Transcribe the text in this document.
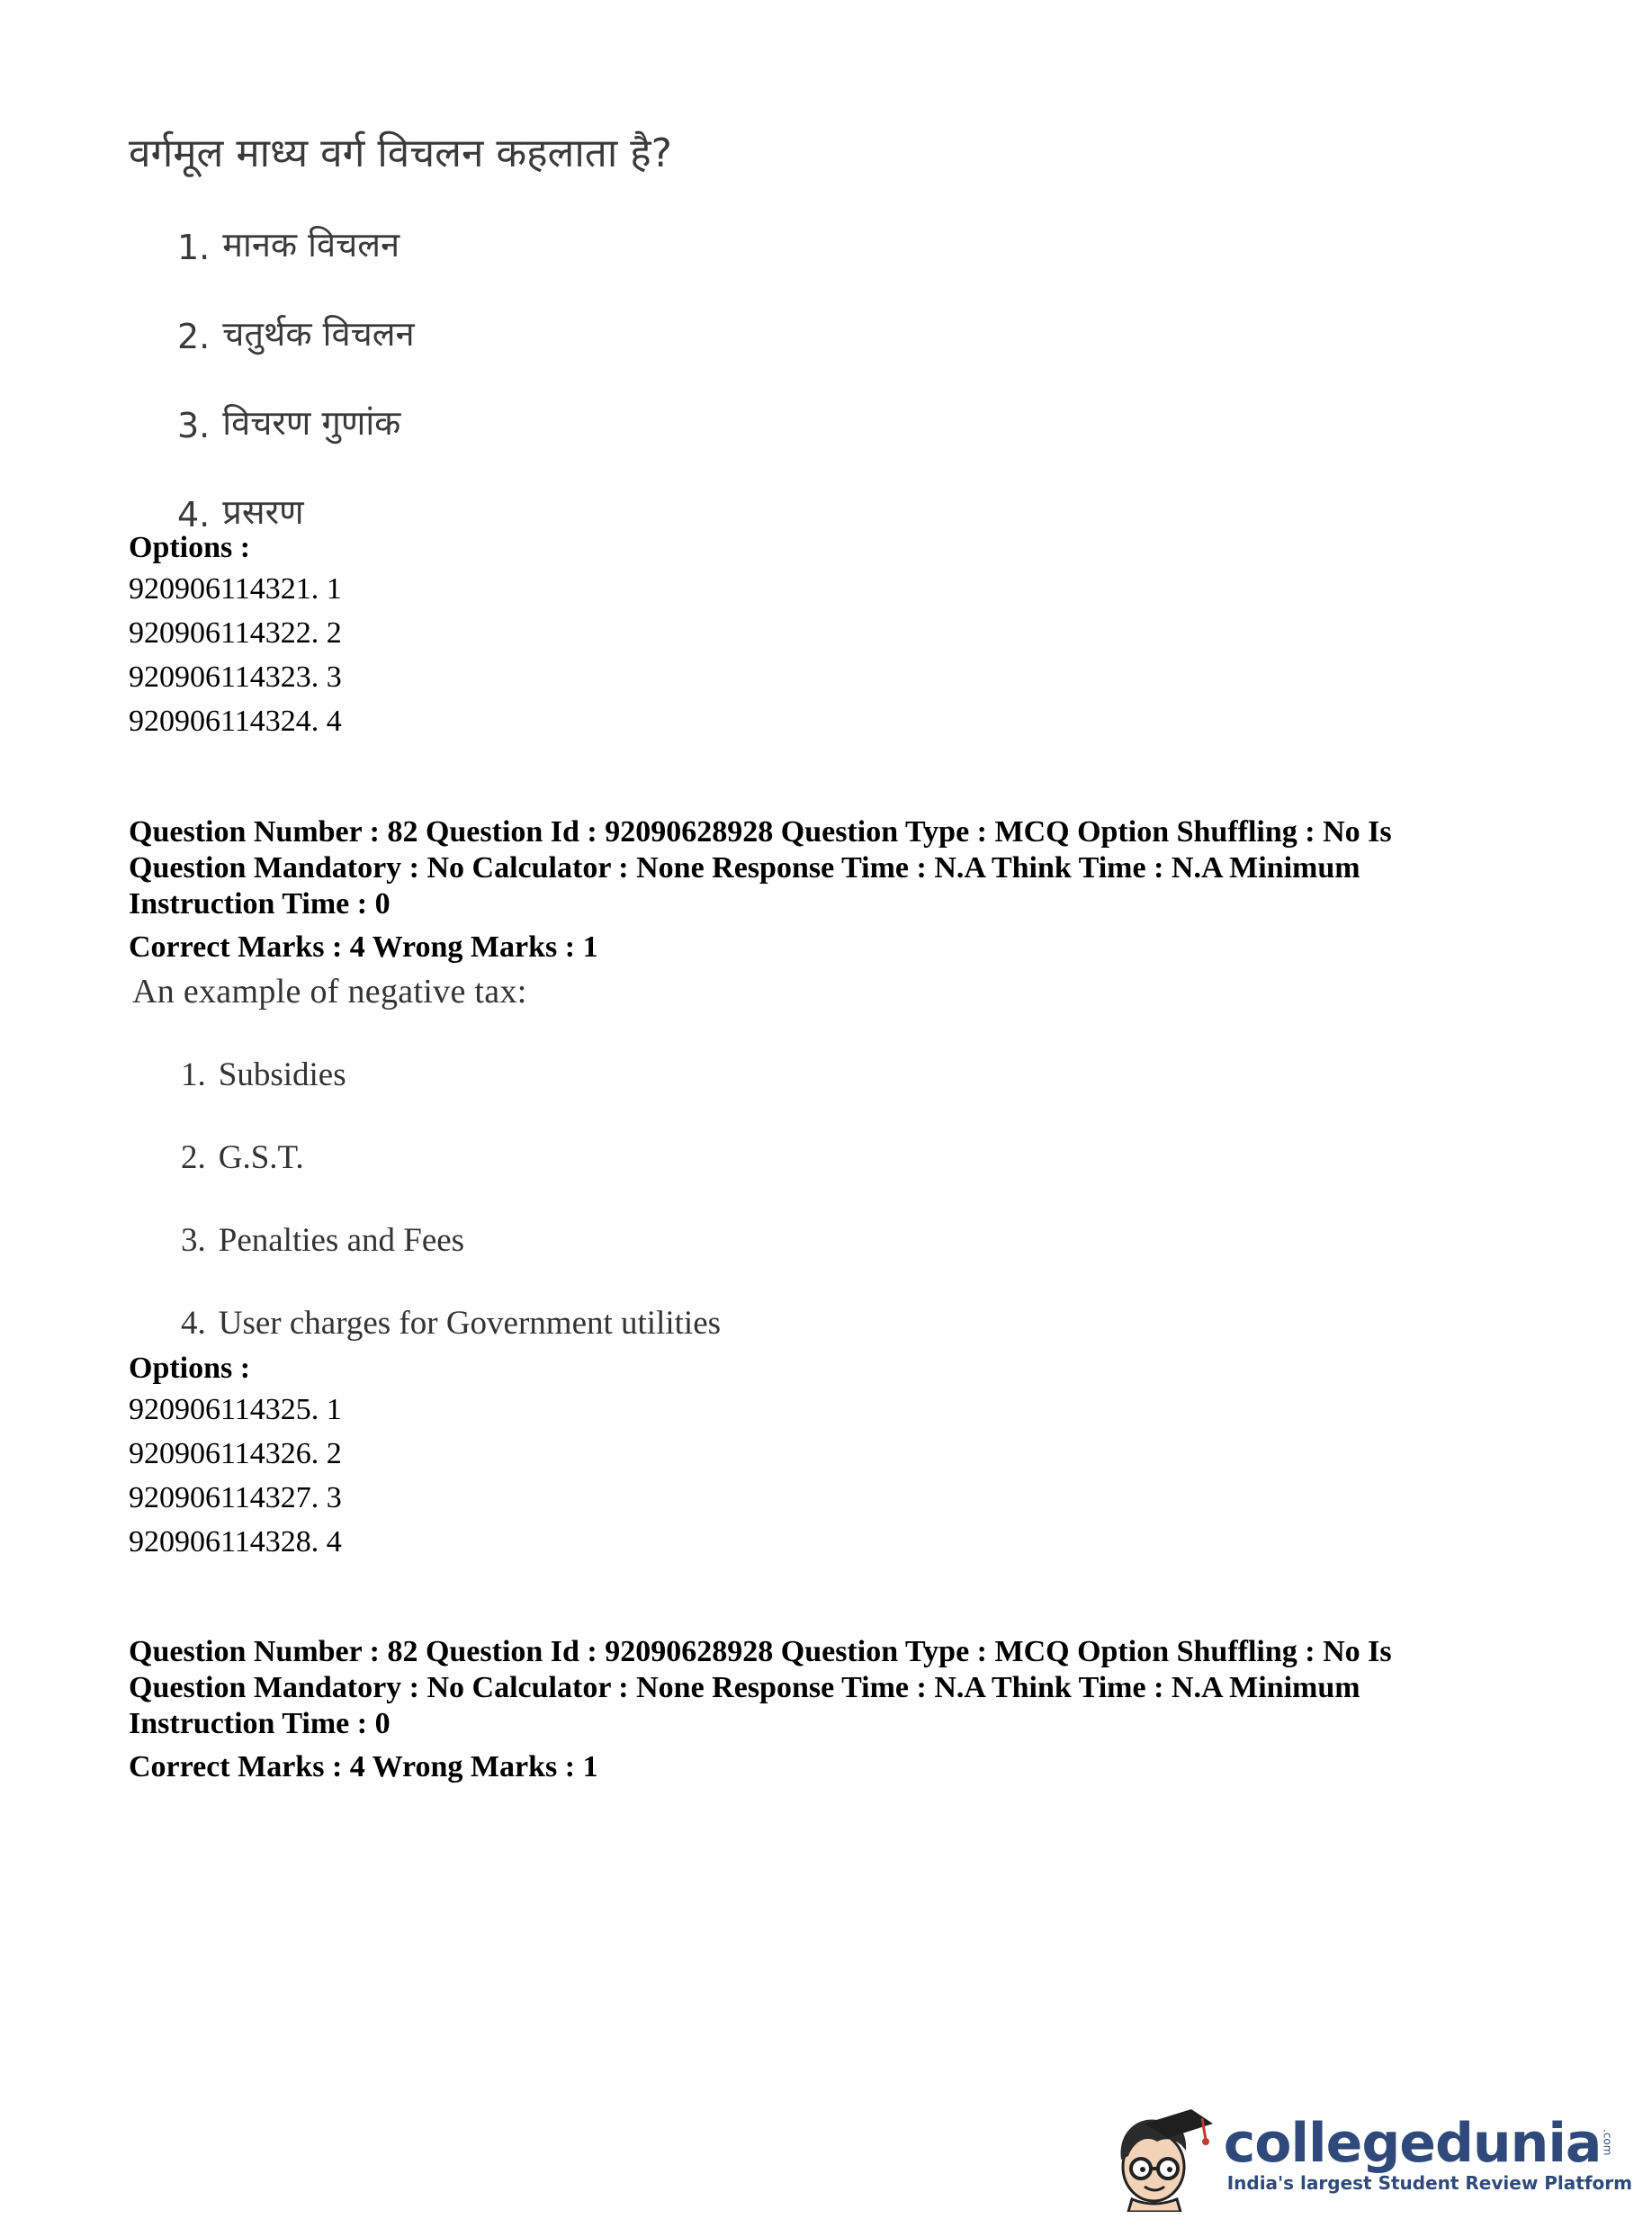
वर्गमूल माध्य वर्ग विचलन कहलाता है?

1. मानक विचलन
2. चतुर्थक विचलन
3. विचरण गुणांक
4. प्रसरण

Options :

920906114321. 1

920906114322. 2

920906114323. 3

920906114324. 4

Question Number : 82 Question Id : 92090628928 Question Type : MCQ Option Shuffling : No Is Question Mandatory : No Calculator : None Response Time : N.A Think Time : N.A Minimum Instruction Time : 0

Correct Marks : 4 Wrong Marks : 1

An example of negative tax:

1. Subsidies
2. G.S.T.
3. Penalties and Fees
4. User charges for Government utilities

Options :

920906114325. 1

920906114326. 2

920906114327. 3

920906114328. 4

Question Number : 82 Question Id : 92090628928 Question Type : MCQ Option Shuffling : No Is Question Mandatory : No Calculator : None Response Time : N.A Think Time : N.A Minimum Instruction Time : 0

Correct Marks : 4 Wrong Marks : 1

collegedunia .com
India's largest Student Review Platform
